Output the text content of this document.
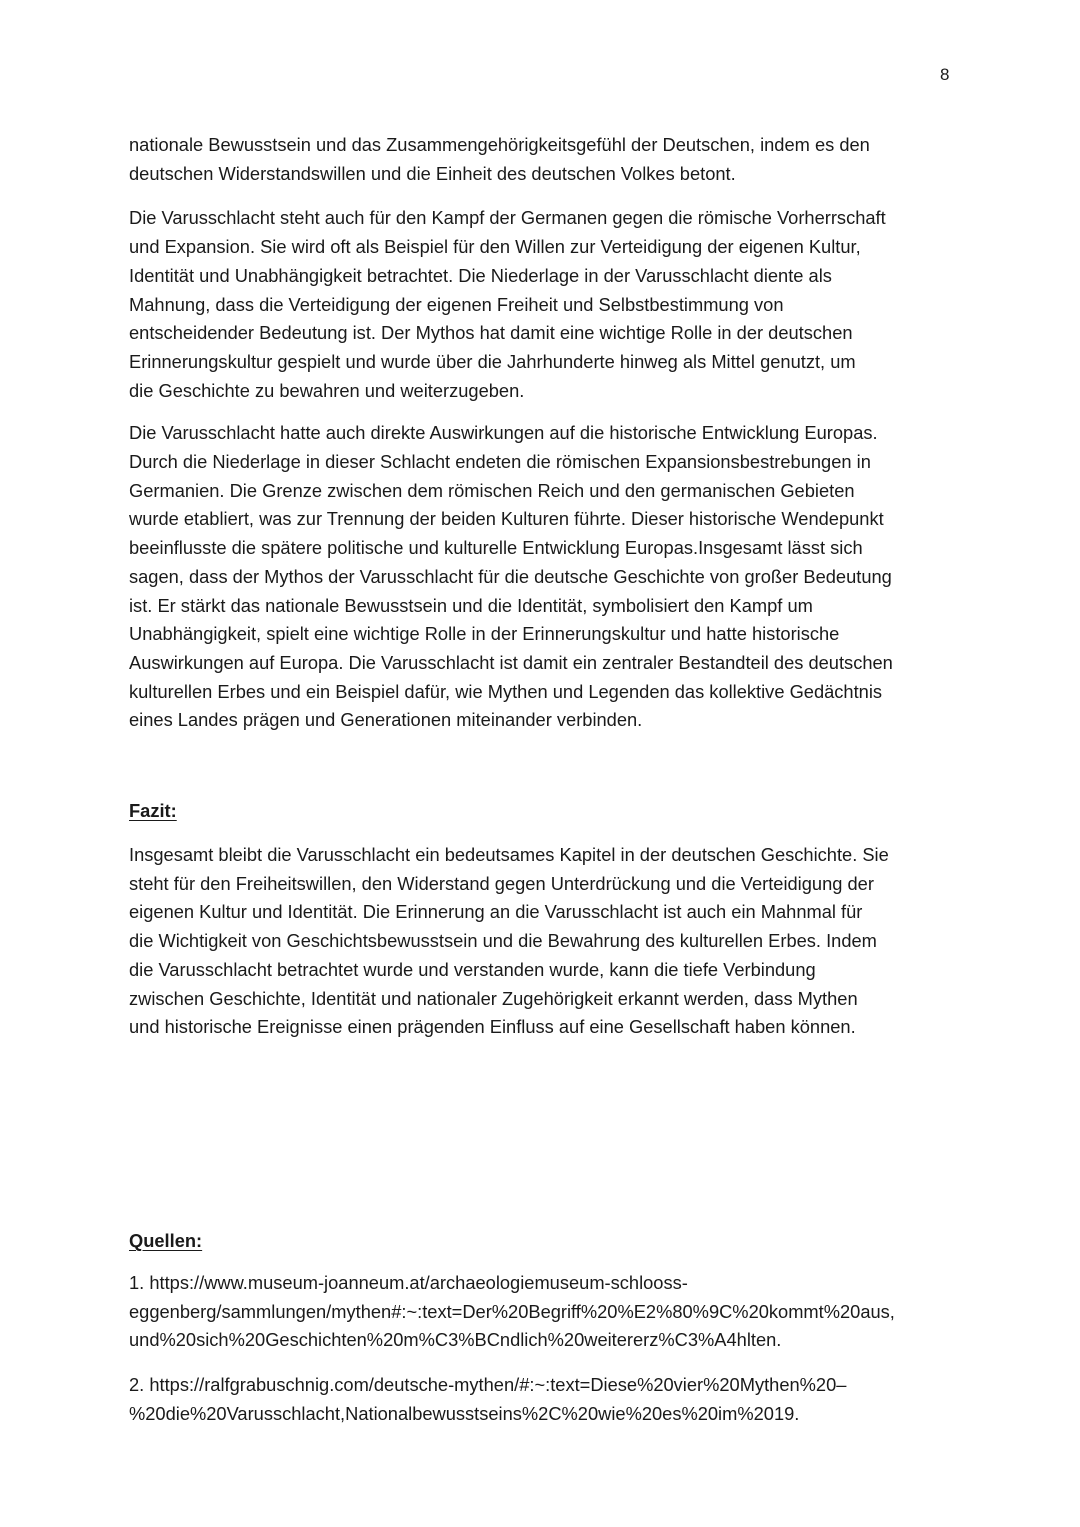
8

nationale Bewusstsein und das Zusammengehörigkeitsgefühl der Deutschen, indem es den
deutschen Widerstandswillen und die Einheit des deutschen Volkes betont.

Die Varusschlacht steht auch für den Kampf der Germanen gegen die römische Vorherrschaft
und Expansion. Sie wird oft als Beispiel für den Willen zur Verteidigung der eigenen Kultur,
Identität und Unabhängigkeit betrachtet. Die Niederlage in der Varusschlacht diente als
Mahnung, dass die Verteidigung der eigenen Freiheit und Selbstbestimmung von
entscheidender Bedeutung ist. Der Mythos hat damit eine wichtige Rolle in der deutschen
Erinnerungskultur gespielt und wurde über die Jahrhunderte hinweg als Mittel genutzt, um
die Geschichte zu bewahren und weiterzugeben.

Die Varusschlacht hatte auch direkte Auswirkungen auf die historische Entwicklung Europas.
Durch die Niederlage in dieser Schlacht endeten die römischen Expansionsbestrebungen in
Germanien. Die Grenze zwischen dem römischen Reich und den germanischen Gebieten
wurde etabliert, was zur Trennung der beiden Kulturen führte. Dieser historische Wendepunkt
beeinflusste die spätere politische und kulturelle Entwicklung Europas.Insgesamt lässt sich
sagen, dass der Mythos der Varusschlacht für die deutsche Geschichte von großer Bedeutung
ist. Er stärkt das nationale Bewusstsein und die Identität, symbolisiert den Kampf um
Unabhängigkeit, spielt eine wichtige Rolle in der Erinnerungskultur und hatte historische
Auswirkungen auf Europa. Die Varusschlacht ist damit ein zentraler Bestandteil des deutschen
kulturellen Erbes und ein Beispiel dafür, wie Mythen und Legenden das kollektive Gedächtnis
eines Landes prägen und Generationen miteinander verbinden.

Fazit:

Insgesamt bleibt die Varusschlacht ein bedeutsames Kapitel in der deutschen Geschichte. Sie
steht für den Freiheitswillen, den Widerstand gegen Unterdrückung und die Verteidigung der
eigenen Kultur und Identität. Die Erinnerung an die Varusschlacht ist auch ein Mahnmal für
die Wichtigkeit von Geschichtsbewusstsein und die Bewahrung des kulturellen Erbes. Indem
die Varusschlacht betrachtet wurde und verstanden wurde, kann die tiefe Verbindung
zwischen Geschichte, Identität und nationaler Zugehörigkeit erkannt werden, dass Mythen
und historische Ereignisse einen prägenden Einfluss auf eine Gesellschaft haben können.

Quellen:

1. https://www.museum-joanneum.at/archaeologiemuseum-schlooss-
eggenberg/sammlungen/mythen#:~:text=Der%20Begriff%20%E2%80%9C%20kommt%20aus,
und%20sich%20Geschichten%20m%C3%BCndlich%20weitererz%C3%A4hlten.

2. https://ralfgrabuschnig.com/deutsche-mythen/#:~:text=Diese%20vier%20Mythen%20–
%20die%20Varusschlacht,Nationalbewusstseins%2C%20wie%20es%20im%2019.
